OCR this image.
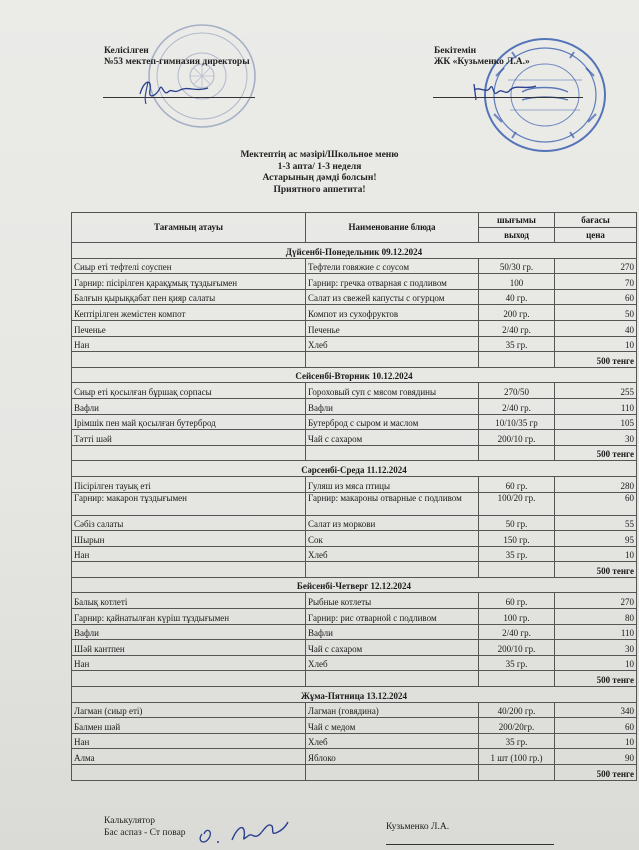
Келісілген
№53 мектеп-гимназия директоры
Бекітемін
ЖК «Кузьменко Л.А.»
Мектептің ас мәзірі/Школьное меню
1-3 апта/ 1-3 неделя
Астарының дәмді болсын!
Приятного аппетита!
Тағамның атауы	Наименование блюда	шығымы	бағасы
		выход	цена
Дүйсенбі-Понедельник 09.12.2024			
Сиыр еті тефтелі соуспен	Тефтели говяжие с соусом	50/30 гр.	270
Гарнир: пісірілген қарақұмық тұздығымен	Гарнир: гречка отварная с подливом	100	70
Балғын қырыққабат пен қияр салаты	Салат из свежей капусты с огурцом	40 гр.	60
Кептірілген жемістен компот	Компот из сухофруктов	200 гр.	50
Печенье	Печенье	2/40 гр.	40
Нан	Хлеб	35 гр.	10
			500 тенге
Сейсенбі-Вторник 10.12.2024			
Сиыр еті қосылған бұршақ сорпасы	Гороховый суп с мясом говядины	270/50	255
Вафли	Вафли	2/40 гр.	110
Ірімшік пен май қосылған бутерброд	Бутерброд с сыром и маслом	10/10/35 гр	105
Тәтті шәй	Чай с сахаром	200/10 гр.	30
			500 тенге
Сәрсенбі-Среда 11.12.2024			
Пісірілген тауық еті	Гуляш из мяса птицы	60 гр.	280
Гарнир: макарон тұздығымен	Гарнир: макароны отварные с подливом	100/20 гр.	60
Сәбіз салаты	Салат из моркови	50 гр.	55
Шырын	Сок	150 гр.	95
Нан	Хлеб	35 гр.	10
			500 тенге
Бейсенбі-Четверг 12.12.2024			
Балық котлеті	Рыбные котлеты	60 гр.	270
Гарнир: қайнатылған күріш тұздығымен	Гарнир: рис отварной с подливом	100 гр.	80
Вафли	Вафли	2/40 гр.	110
Шәй кантпен	Чай с сахаром	200/10 гр.	30
Нан	Хлеб	35 гр.	10
			500 тенге
Жұма-Пятница 13.12.2024			
Лагман (сиыр еті)	Лагман (говядина)	40/200 гр.	340
Балмен шәй	Чай с медом	200/20гр.	60
Нан	Хлеб	35 гр.	10
Алма	Яблоко	1 шт (100 гр.)	90
			500 тенге
Калькулятор
Бас аспаз - Ст повар
Кузьменко Л.А.
